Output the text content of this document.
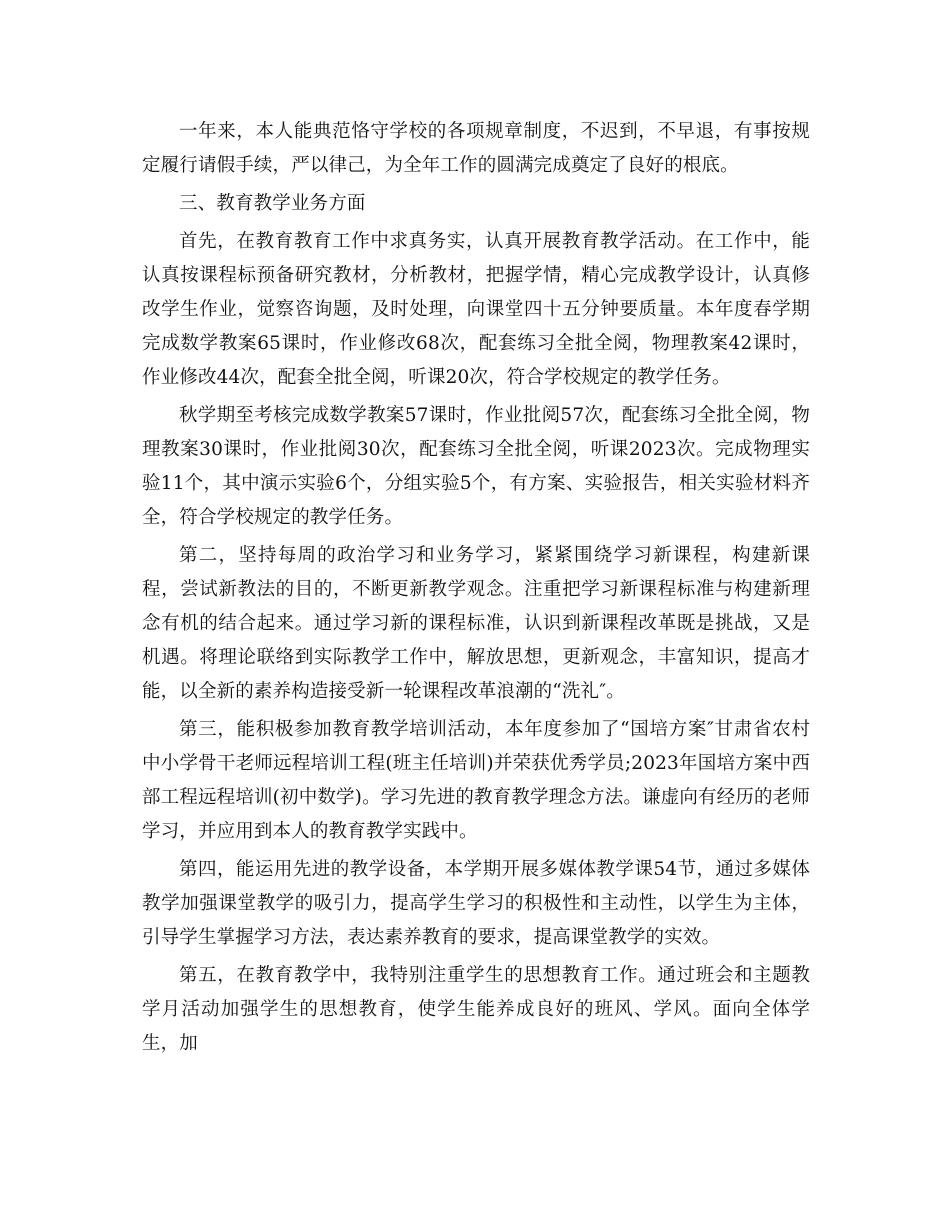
一年来，本人能典范恪守学校的各项规章制度，不迟到，不早退，有事按规定履行请假手续，严以律己，为全年工作的圆满完成奠定了良好的根底。

三、教育教学业务方面

首先，在教育教育工作中求真务实，认真开展教育教学活动。在工作中，能认真按课程标预备研究教材，分析教材，把握学情，精心完成教学设计，认真修改学生作业，觉察咨询题，及时处理，向课堂四十五分钟要质量。本年度春学期完成数学教案65课时，作业修改68次，配套练习全批全阅，物理教案42课时，作业修改44次，配套全批全阅，听课20次，符合学校规定的教学任务。

秋学期至考核完成数学教案57课时，作业批阅57次，配套练习全批全阅，物理教案30课时，作业批阅30次，配套练习全批全阅，听课2023次。完成物理实验11个，其中演示实验6个，分组实验5个，有方案、实验报告，相关实验材料齐全，符合学校规定的教学任务。

第二，坚持每周的政治学习和业务学习，紧紧围绕学习新课程，构建新课程，尝试新教法的目的，不断更新教学观念。注重把学习新课程标准与构建新理念有机的结合起来。通过学习新的课程标准，认识到新课程改革既是挑战，又是机遇。将理论联络到实际教学工作中，解放思想，更新观念，丰富知识，提高才能，以全新的素养构造接受新一轮课程改革浪潮的“洗礼″。

第三，能积极参加教育教学培训活动，本年度参加了“国培方案″甘肃省农村中小学骨干老师远程培训工程(班主任培训)并荣获优秀学员;2023年国培方案中西部工程远程培训(初中数学)。学习先进的教育教学理念方法。谦虚向有经历的老师学习，并应用到本人的教育教学实践中。

第四，能运用先进的教学设备，本学期开展多媒体教学课54节，通过多媒体教学加强课堂教学的吸引力，提高学生学习的积极性和主动性，以学生为主体，引导学生掌握学习方法，表达素养教育的要求，提高课堂教学的实效。

第五，在教育教学中，我特别注重学生的思想教育工作。通过班会和主题教学月活动加强学生的思想教育，使学生能养成良好的班风、学风。面向全体学生，加
